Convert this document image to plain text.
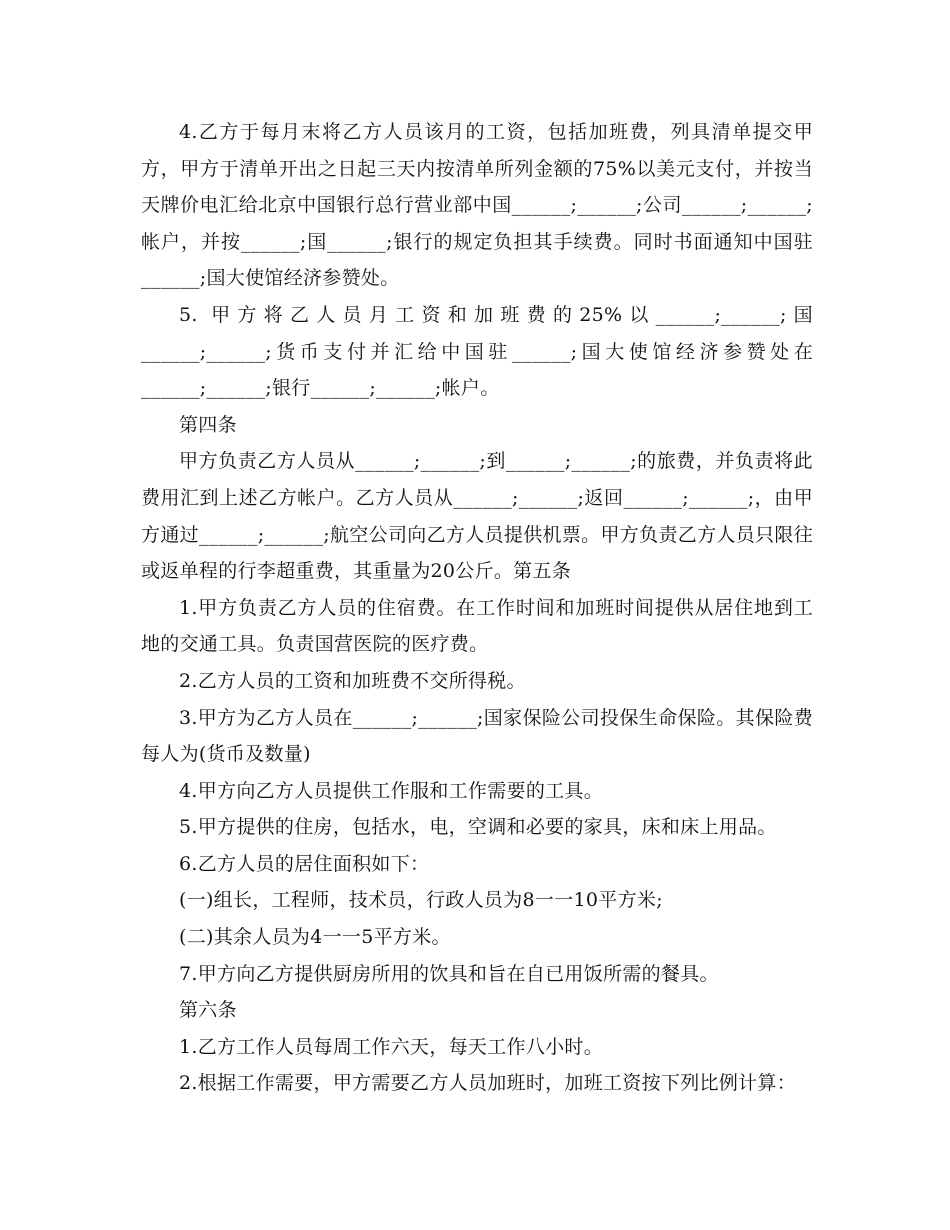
4.乙方于每月末将乙方人员该月的工资，包括加班费，列具清单提交甲方，甲方于清单开出之日起三天内按清单所列金额的75%以美元支付，并按当天牌价电汇给北京中国银行总行营业部中国______;______;公司______;______;帐户，并按______;国______;银行的规定负担其手续费。同时书面通知中国驻______;国大使馆经济参赞处。

5. 甲方将乙人员月工资和加班费的25%以______;______;国______;______;货币支付并汇给中国驻______;国大使馆经济参赞处在______;______;银行______;______;帐户。

第四条

甲方负责乙方人员从______;______;到______;______;的旅费，并负责将此费用汇到上述乙方帐户。乙方人员从______;______;返回______;______;，由甲方通过______;______;航空公司向乙方人员提供机票。甲方负责乙方人员只限往或返单程的行李超重费，其重量为20公斤。第五条

1.甲方负责乙方人员的住宿费。在工作时间和加班时间提供从居住地到工地的交通工具。负责国营医院的医疗费。

2.乙方人员的工资和加班费不交所得税。

3.甲方为乙方人员在______;______;国家保险公司投保生命保险。其保险费每人为(货币及数量)

4.甲方向乙方人员提供工作服和工作需要的工具。

5.甲方提供的住房，包括水，电，空调和必要的家具，床和床上用品。

6.乙方人员的居住面积如下：

(一)组长，工程师，技术员，行政人员为8一一10平方米;

(二)其余人员为4一一5平方米。

7.甲方向乙方提供厨房所用的饮具和旨在自已用饭所需的餐具。

第六条

1.乙方工作人员每周工作六天，每天工作八小时。

2.根据工作需要，甲方需要乙方人员加班时，加班工资按下列比例计算：
